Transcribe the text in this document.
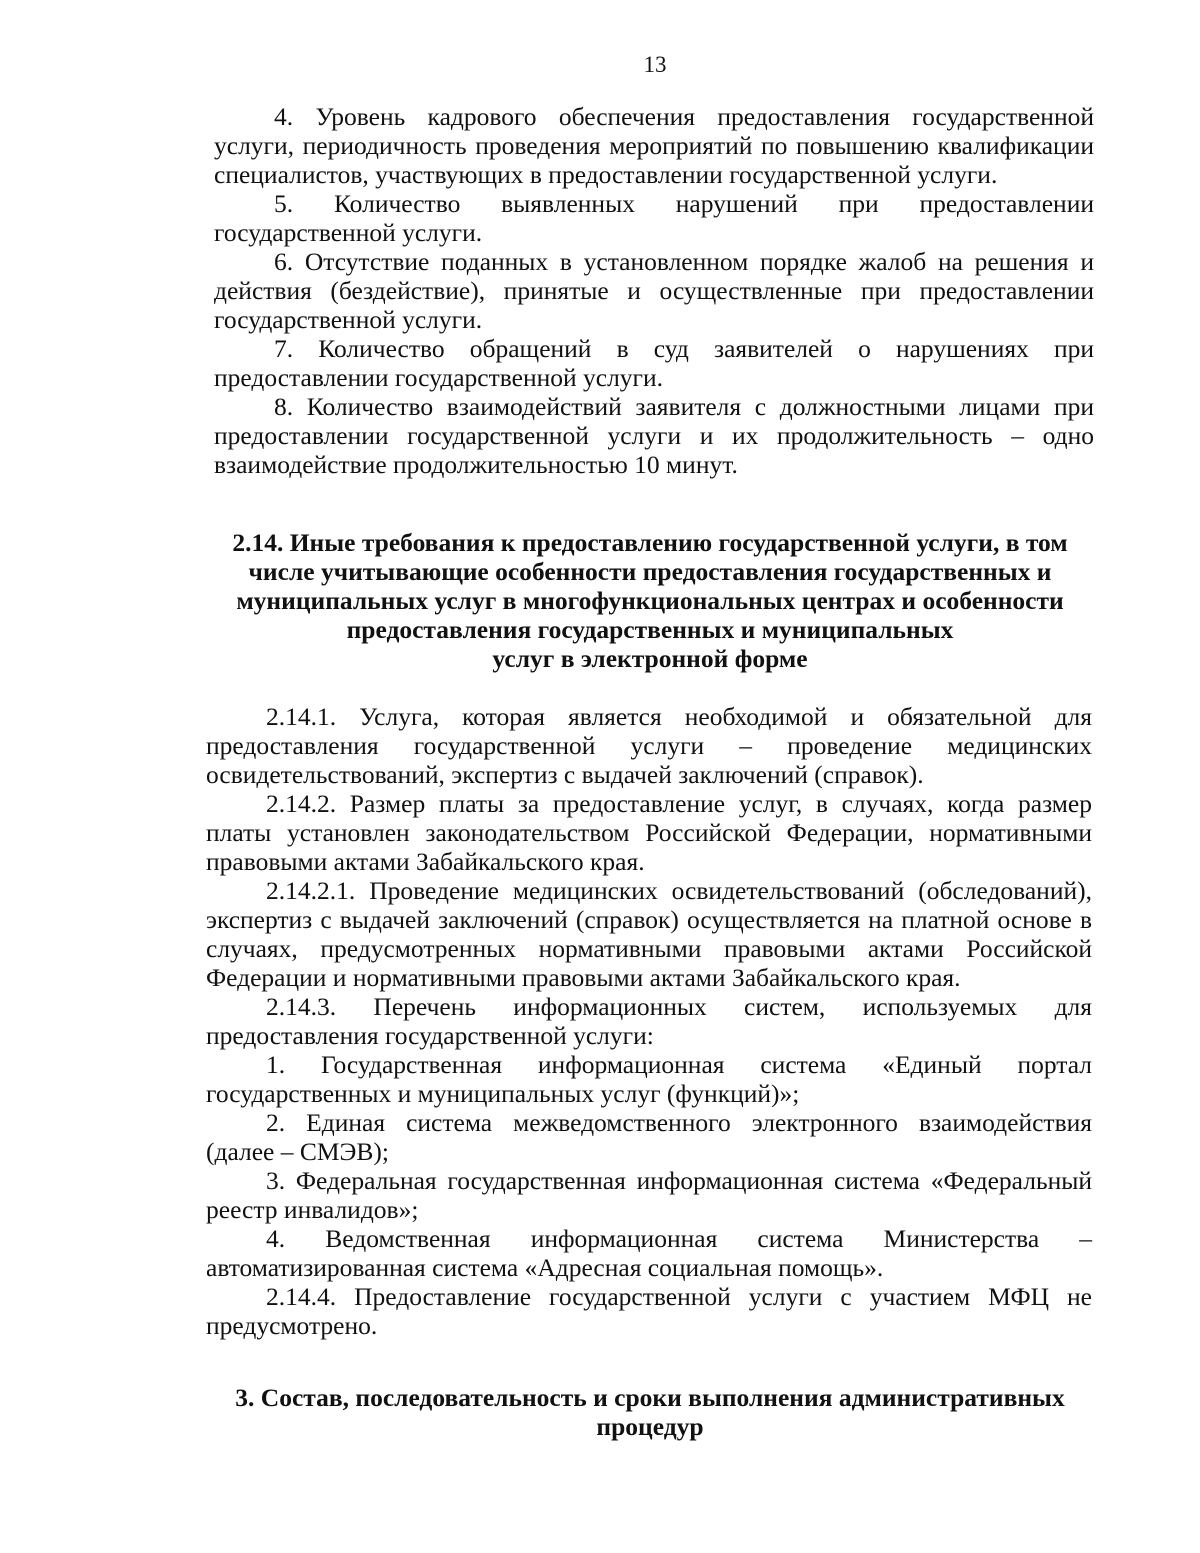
13

4. Уровень кадрового обеспечения предоставления государственной услуги, периодичность проведения мероприятий по повышению квалификации специалистов, участвующих в предоставлении государственной услуги.

5. Количество выявленных нарушений при предоставлении государственной услуги.

6. Отсутствие поданных в установленном порядке жалоб на решения и действия (бездействие), принятые и осуществленные при предоставлении государственной услуги.

7. Количество обращений в суд заявителей о нарушениях при предоставлении государственной услуги.

8. Количество взаимодействий заявителя с должностными лицами при предоставлении государственной услуги и их продолжительность – одно взаимодействие продолжительностью 10 минут.

2.14. Иные требования к предоставлению государственной услуги, в том
числе учитывающие особенности предоставления государственных и
муниципальных услуг в многофункциональных центрах и особенности
предоставления государственных и муниципальных
услуг в электронной форме

2.14.1. Услуга, которая является необходимой и обязательной для предоставления государственной услуги – проведение медицинских освидетельствований, экспертиз с выдачей заключений (справок).

2.14.2. Размер платы за предоставление услуг, в случаях, когда размер платы установлен законодательством Российской Федерации, нормативными правовыми актами Забайкальского края.

2.14.2.1. Проведение медицинских освидетельствований (обследований), экспертиз с выдачей заключений (справок) осуществляется на платной основе в случаях, предусмотренных нормативными правовыми актами Российской Федерации и нормативными правовыми актами Забайкальского края.

2.14.3. Перечень информационных систем, используемых для предоставления государственной услуги:

1. Государственная информационная система «Единый портал государственных и муниципальных услуг (функций)»;

2. Единая система межведомственного электронного взаимодействия (далее – СМЭВ);

3. Федеральная государственная информационная система «Федеральный реестр инвалидов»;

4. Ведомственная информационная система Министерства – автоматизированная система «Адресная социальная помощь».

2.14.4. Предоставление государственной услуги с участием МФЦ не предусмотрено.

3. Состав, последовательность и сроки выполнения административных
процедур
